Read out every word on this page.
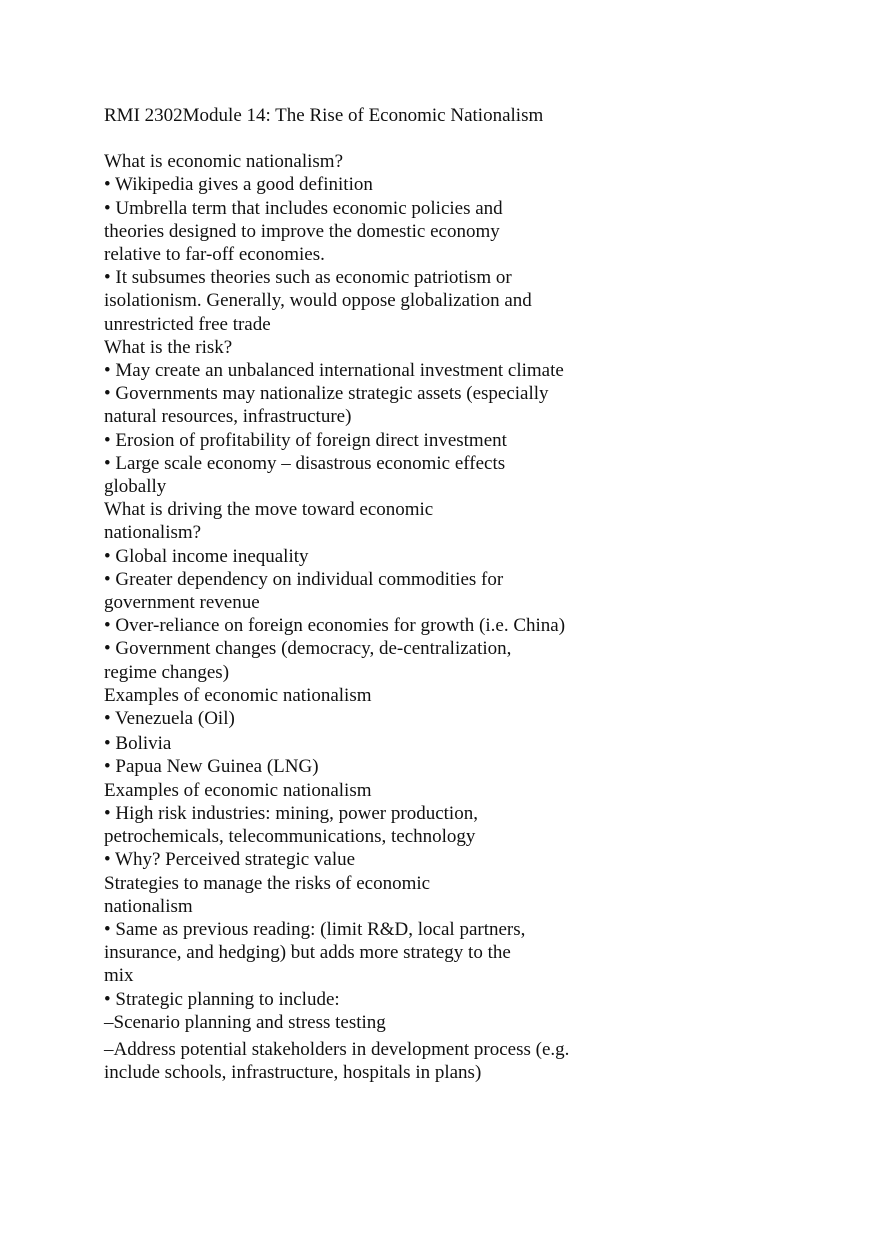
RMI 2302Module 14: The Rise of Economic Nationalism

What is economic nationalism?
• Wikipedia gives a good definition
• Umbrella term that includes economic policies and
theories designed to improve the domestic economy
relative to far-off economies.
• It subsumes theories such as economic patriotism or
isolationism. Generally, would oppose globalization and
unrestricted free trade
What is the risk?
• May create an unbalanced international investment climate
• Governments may nationalize strategic assets (especially
natural resources, infrastructure)
• Erosion of profitability of foreign direct investment
• Large scale economy – disastrous economic effects
globally
What is driving the move toward economic
nationalism?
• Global income inequality
• Greater dependency on individual commodities for
government revenue
• Over-reliance on foreign economies for growth (i.e. China)
• Government changes (democracy, de-centralization,
regime changes)
Examples of economic nationalism
• Venezuela (Oil)
• Bolivia
• Papua New Guinea (LNG)
Examples of economic nationalism
• High risk industries: mining, power production,
petrochemicals, telecommunications, technology
• Why? Perceived strategic value
Strategies to manage the risks of economic
nationalism
• Same as previous reading: (limit R&D, local partners,
insurance, and hedging) but adds more strategy to the
mix
• Strategic planning to include:
–Scenario planning and stress testing
–Address potential stakeholders in development process (e.g.
include schools, infrastructure, hospitals in plans)
